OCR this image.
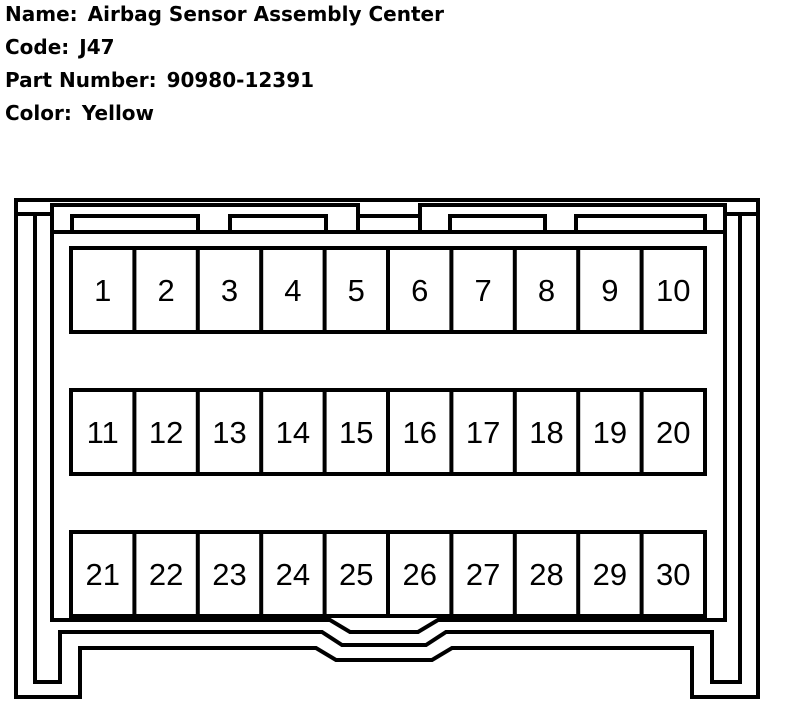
Name: Airbag Sensor Assembly Center
Code: J47
Part Number: 90980-12391
Color: Yellow
1 2 3 4 5 6 7 8 9 10
11 12 13 14 15 16 17 18 19 20
21 22 23 24 25 26 27 28 29 30
